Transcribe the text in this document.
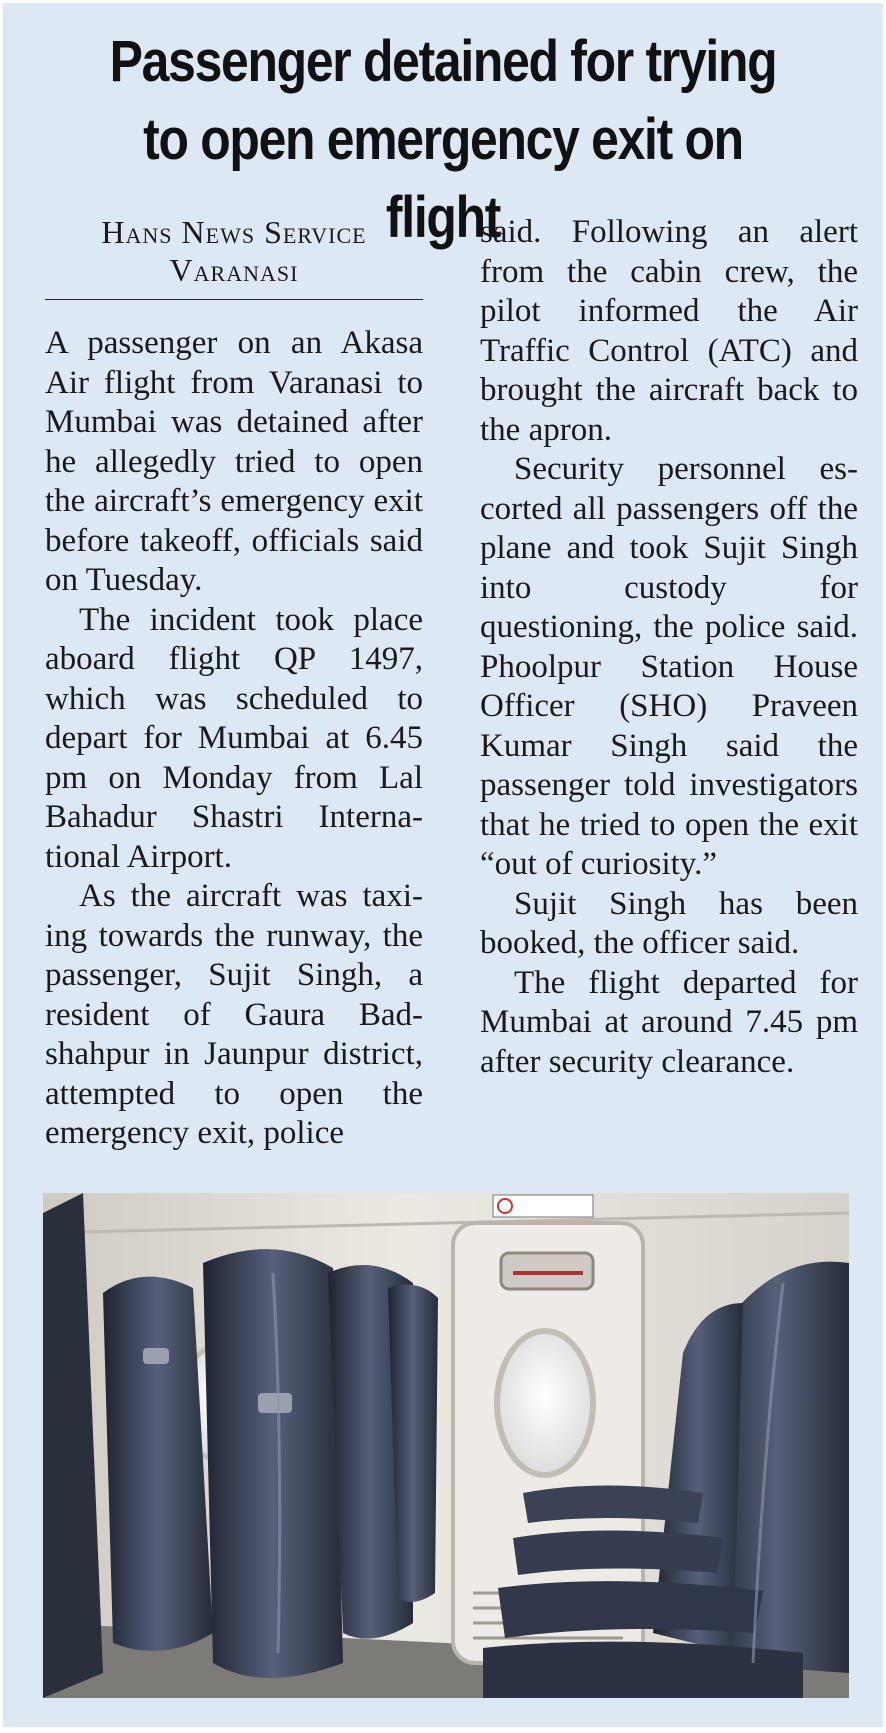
Passenger detained for trying
to open emergency exit on flight
Hans News Service
Varanasi

A passenger on an Akasa Air flight from Varanasi to Mumbai was detained after he allegedly tried to open the aircraft’s emergency exit before takeoff, officials said on Tuesday.

The incident took place aboard flight QP 1497, which was scheduled to depart for Mumbai at 6.45 pm on Monday from Lal Bahadur Shastri International Airport.

As the aircraft was taxiing towards the runway, the passenger, Sujit Singh, a resident of Gaura Badshahpur in Jaunpur district, attempted to open the emergency exit, police

said. Following an alert from the cabin crew, the pilot informed the Air Traffic Control (ATC) and brought the aircraft back to the apron.

Security personnel escorted all passengers off the plane and took Sujit Singh into custody for questioning, the police said. Phoolpur Station House Officer (SHO) Praveen Kumar Singh said the passenger told investigators that he tried to open the exit “out of curiosity.”

Sujit Singh has been booked, the officer said.

The flight departed for Mumbai at around 7.45 pm after security clearance.
